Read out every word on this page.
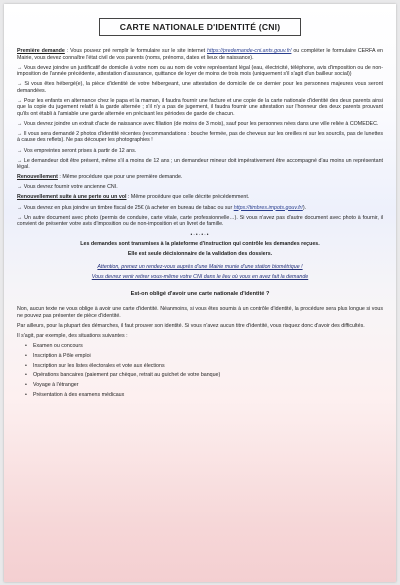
CARTE NATIONALE D'IDENTITÉ (CNI)

Première demande : Vous pouvez pré remplir le formulaire sur le site internet https://predemande-cni.ants.gouv.fr/ ou compléter le formulaire CERFA en Mairie, vous devez connaître l'état civil de vos parents (noms, prénoms, dates et lieux de naissance).

→ Vous devez joindre un justificatif de domicile à votre nom ou au nom de votre représentant légal (eau, électricité, téléphone, avis d'imposition ou de non-imposition de l'année précédente, attestation d'assurance, quittance de loyer de moins de trois mois (uniquement s'il s'agit d'un bailleur social))

→ Si vous êtes hébergé(e), la pièce d'identité de votre hébergeant, une attestation de domicile de ce dernier pour les personnes majeures vous seront demandées.

→ Pour les enfants en alternance chez le papa et la maman, il faudra fournir une facture et une copie de la carte nationale d'identité des deux parents ainsi que la copie du jugement relatif à la garde alternée ; s'il n'y a pas de jugement, il faudra fournir une attestation sur l'honneur des deux parents prouvant qu'ils ont établi à l'amiable une garde alternée en précisant les périodes de garde de chacun.

→ Vous devrez joindre un extrait d'acte de naissance avec filiation (de moins de 3 mois), sauf pour les personnes nées dans une ville reliée à COMEDEC.

→ Il vous sera demandé 2 photos d'identité récentes (recommandations : bouche fermée, pas de cheveux sur les oreilles ni sur les sourcils, pas de lunettes à cause des reflets). Ne pas découper les photographies !

→ Vos empreintes seront prises à partir de 12 ans.

→ Le demandeur doit être présent, même s'il a moins de 12 ans ; un demandeur mineur doit impérativement être accompagné d'au moins un représentant légal.

Renouvellement : Même procédure que pour une première demande.

→ Vous devrez fournir votre ancienne CNI.

Renouvellement suite à une perte ou un vol : Même procédure que celle décrite précédemment.

→ Vous devrez en plus joindre un timbre fiscal de 25€ (à acheter en bureau de tabac ou sur https://timbres.impots.gouv.fr/).

→ Un autre document avec photo (permis de conduire, carte vitale, carte professionnelle…). Si vous n'avez pas d'autre document avec photo à fournir, il convient de présenter votre avis d'imposition ou de non-imposition et un livret de famille.

•·•·•·•

Les demandes sont transmises à la plateforme d'instruction qui contrôle les demandes reçues.

Elle est seule décisionnaire de la validation des dossiers.

Attention, prenez un rendez-vous auprès d'une Mairie munie d'une station biométrique !

Vous devrez venir retirer vous-même votre CNI dans le lieu où vous en avez fait la demande

Est-on obligé d'avoir une carte nationale d'identité ?

Non, aucun texte ne vous oblige à avoir une carte d'identité. Néanmoins, si vous êtes soumis à un contrôle d'identité, la procédure sera plus longue si vous ne pouvez pas présenter de pièce d'identité.

Par ailleurs, pour la plupart des démarches, il faut prouver son identité. Si vous n'avez aucun titre d'identité, vous risquez donc d'avoir des difficultés.

Il s'agit, par exemple, des situations suivantes :

• Examen ou concours
• Inscription à Pôle emploi
• Inscription sur les listes électorales et vote aux élections
• Opérations bancaires (paiement par chèque, retrait au guichet de votre banque)
• Voyage à l'étranger
• Présentation à des examens médicaux
